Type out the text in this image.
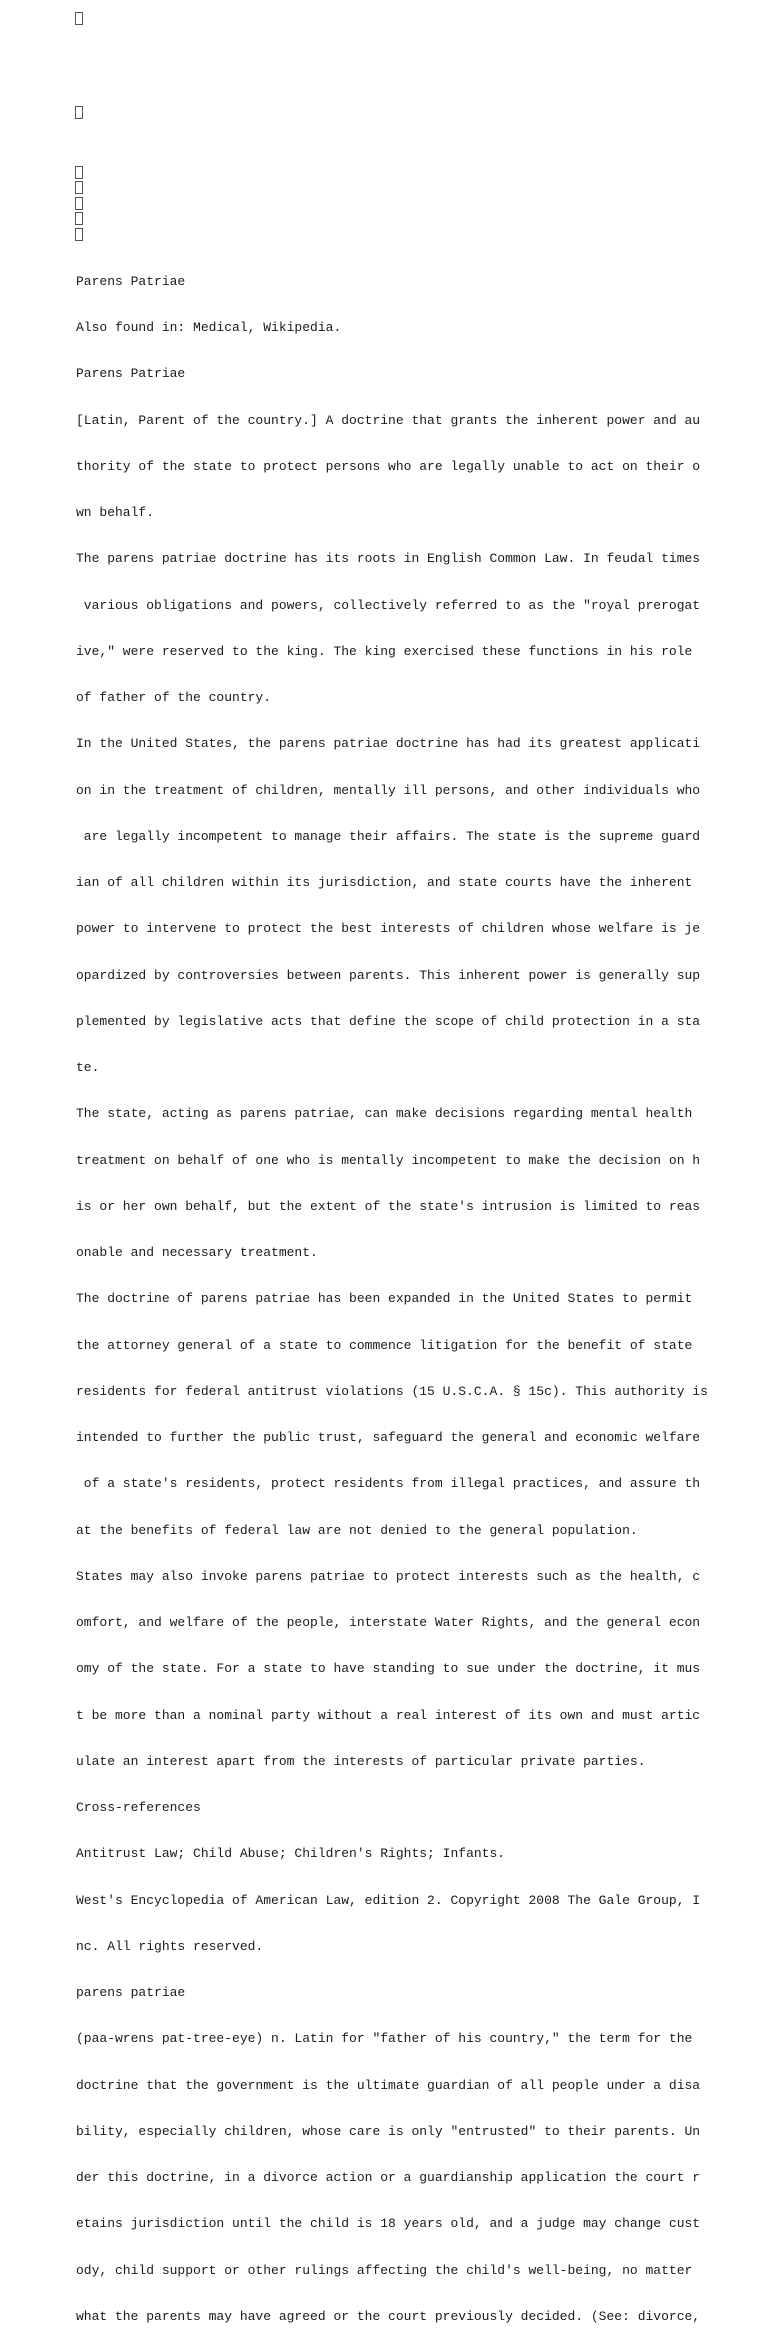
Parens Patriae

Also found in: Medical, Wikipedia.

Parens Patriae

[Latin, Parent of the country.] A doctrine that grants the inherent power and au

thority of the state to protect persons who are legally unable to act on their o

wn behalf.

The parens patriae doctrine has its roots in English Common Law. In feudal times

various obligations and powers, collectively referred to as the "royal prerogat

ive," were reserved to the king. The king exercised these functions in his role

of father of the country.

In the United States, the parens patriae doctrine has had its greatest applicati

on in the treatment of children, mentally ill persons, and other individuals who

are legally incompetent to manage their affairs. The state is the supreme guard

ian of all children within its jurisdiction, and state courts have the inherent

power to intervene to protect the best interests of children whose welfare is je

opardized by controversies between parents. This inherent power is generally sup

plemented by legislative acts that define the scope of child protection in a sta

te.

The state, acting as parens patriae, can make decisions regarding mental health

treatment on behalf of one who is mentally incompetent to make the decision on h

is or her own behalf, but the extent of the state's intrusion is limited to reas

onable and necessary treatment.

The doctrine of parens patriae has been expanded in the United States to permit

the attorney general of a state to commence litigation for the benefit of state

residents for federal antitrust violations (15 U.S.C.A. § 15c). This authority is

intended to further the public trust, safeguard the general and economic welfare

of a state's residents, protect residents from illegal practices, and assure th

at the benefits of federal law are not denied to the general population.

States may also invoke parens patriae to protect interests such as the health, c

omfort, and welfare of the people, interstate Water Rights, and the general econ

omy of the state. For a state to have standing to sue under the doctrine, it mus

t be more than a nominal party without a real interest of its own and must artic

ulate an interest apart from the interests of particular private parties.

Cross-references

Antitrust Law; Child Abuse; Children's Rights; Infants.

West's Encyclopedia of American Law, edition 2. Copyright 2008 The Gale Group, I

nc. All rights reserved.

parens patriae

(paa-wrens pat-tree-eye) n. Latin for "father of his country," the term for the

doctrine that the government is the ultimate guardian of all people under a disa

bility, especially children, whose care is only "entrusted" to their parents. Un

der this doctrine, in a divorce action or a guardianship application the court r

etains jurisdiction until the child is 18 years old, and a judge may change cust

ody, child support or other rulings affecting the child's well-being, no matter

what the parents may have agreed or the court previously decided. (See: divorce,
